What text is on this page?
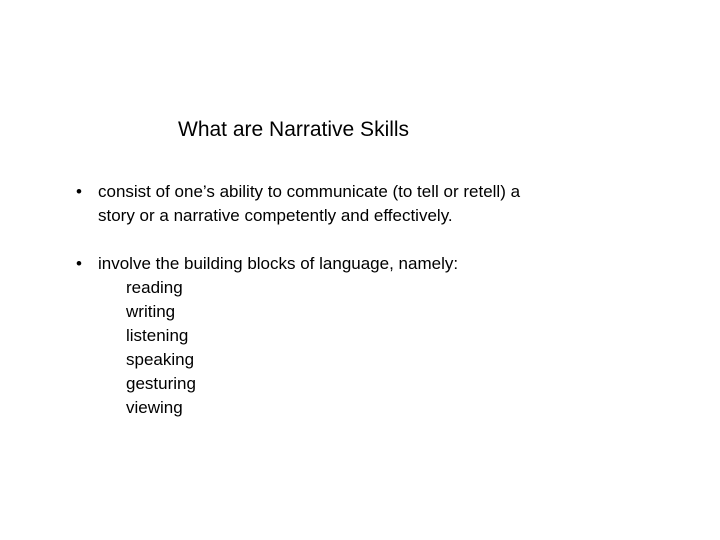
What are Narrative Skills
• consist of one’s ability to communicate (to tell or retell) a
story or a narrative competently and effectively.
• involve the building blocks of language, namely:
reading
writing
listening
speaking
gesturing
viewing
